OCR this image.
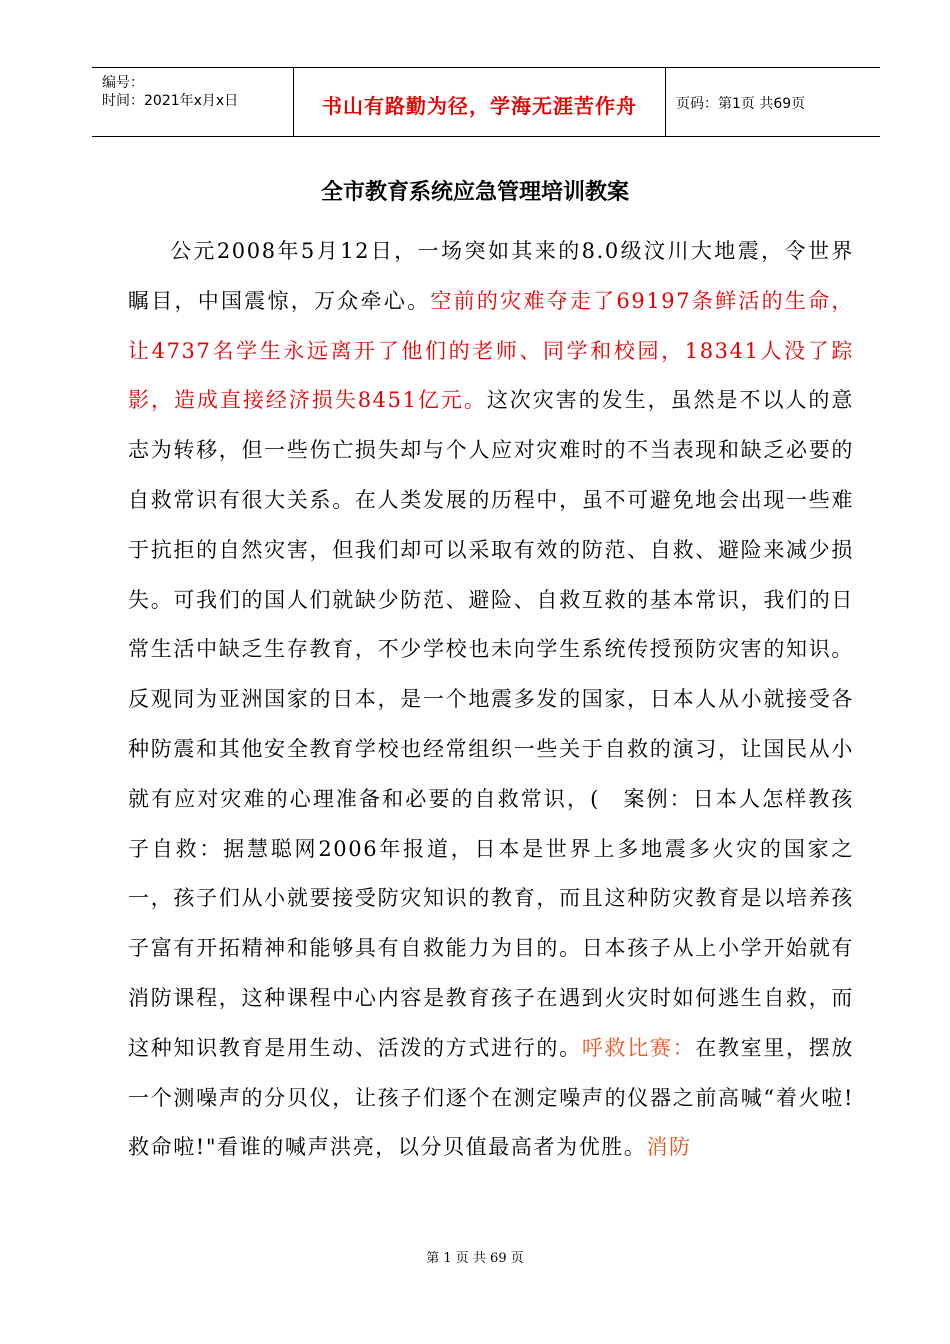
编号：
时间：2021年x月x日	书山有路勤为径，学海无涯苦作舟	页码：第1页 共69页
全市教育系统应急管理培训教案
公元2008年5月12日，一场突如其来的8.0级汶川大地震，令世界瞩目，中国震惊，万众牵心。空前的灾难夺走了69197条鲜活的生命，让4737名学生永远离开了他们的老师、同学和校园，18341人没了踪影，造成直接经济损失8451亿元。这次灾害的发生，虽然是不以人的意志为转移，但一些伤亡损失却与个人应对灾难时的不当表现和缺乏必要的自救常识有很大关系。在人类发展的历程中，虽不可避免地会出现一些难于抗拒的自然灾害，但我们却可以采取有效的防范、自救、避险来减少损失。可我们的国人们就缺少防范、避险、自救互救的基本常识，我们的日常生活中缺乏生存教育，不少学校也未向学生系统传授预防灾害的知识。反观同为亚洲国家的日本，是一个地震多发的国家，日本人从小就接受各种防震和其他安全教育学校也经常组织一些关于自救的演习，让国民从小就有应对灾难的心理准备和必要的自救常识，(　案例：日本人怎样教孩子自救：据慧聪网2006年报道，日本是世界上多地震多火灾的国家之一，孩子们从小就要接受防灾知识的教育，而且这种防灾教育是以培养孩子富有开拓精神和能够具有自救能力为目的。日本孩子从上小学开始就有消防课程，这种课程中心内容是教育孩子在遇到火灾时如何逃生自救，而这种知识教育是用生动、活泼的方式进行的。呼救比赛：在教室里，摆放一个测噪声的分贝仪，让孩子们逐个在测定噪声的仪器之前高喊“着火啦!救命啦!"看谁的喊声洪亮，以分贝值最高者为优胜。消防
第 1 页 共 69 页
